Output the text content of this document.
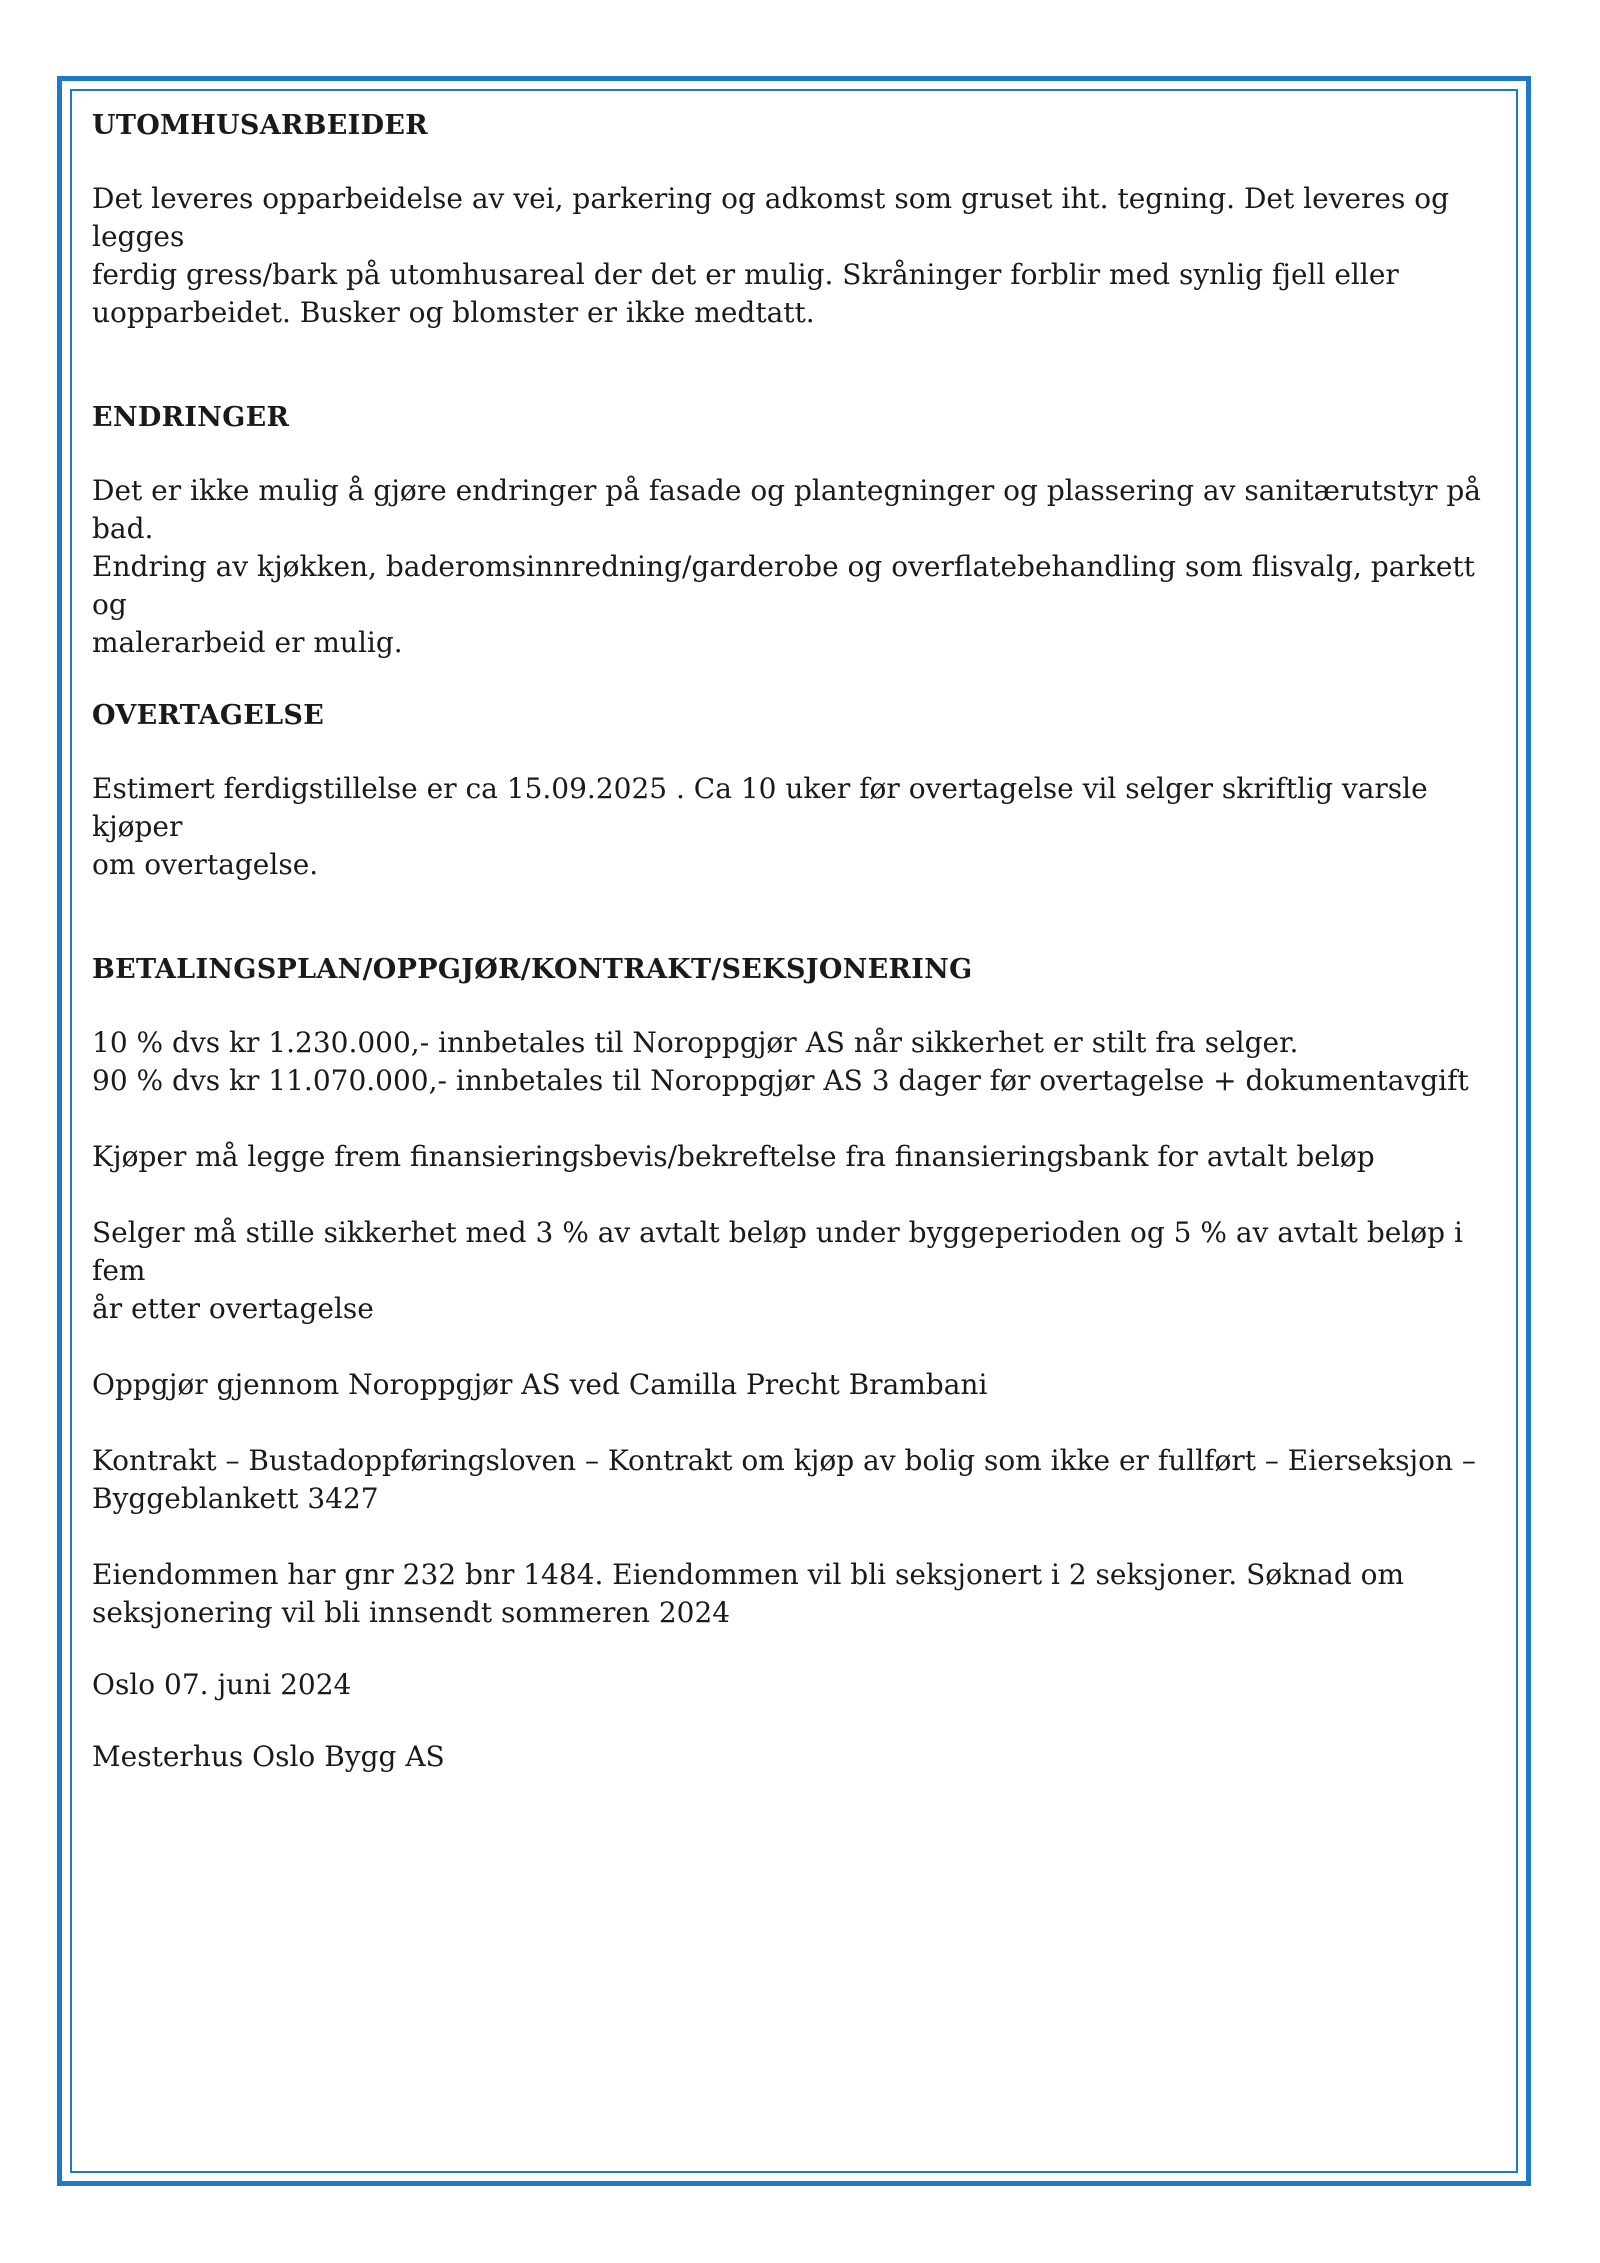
UTOMHUSARBEIDER

Det leveres opparbeidelse av vei, parkering og adkomst som gruset iht. tegning. Det leveres og legges
ferdig gress/bark på utomhusareal der det er mulig. Skråninger forblir med synlig fjell eller
uopparbeidet. Busker og blomster er ikke medtatt.

ENDRINGER

Det er ikke mulig å gjøre endringer på fasade og plantegninger og plassering av sanitærutstyr på bad.
Endring av kjøkken, baderomsinnredning/garderobe og overflatebehandling som flisvalg, parkett og
malerarbeid er mulig.

OVERTAGELSE

Estimert ferdigstillelse er ca 15.09.2025 . Ca 10 uker før overtagelse vil selger skriftlig varsle kjøper
om overtagelse.

BETALINGSPLAN/OPPGJØR/KONTRAKT/SEKSJONERING

10 % dvs kr 1.230.000,- innbetales til Noroppgjør AS når sikkerhet er stilt fra selger.
90 % dvs kr 11.070.000,- innbetales til Noroppgjør AS 3 dager før overtagelse + dokumentavgift

Kjøper må legge frem finansieringsbevis/bekreftelse fra finansieringsbank for avtalt beløp

Selger må stille sikkerhet med 3 % av avtalt beløp under byggeperioden og 5 % av avtalt beløp i fem
år etter overtagelse

Oppgjør gjennom Noroppgjør AS ved Camilla Precht Brambani

Kontrakt – Bustadoppføringsloven – Kontrakt om kjøp av bolig som ikke er fullført – Eierseksjon –
Byggeblankett 3427

Eiendommen har gnr 232 bnr 1484. Eiendommen vil bli seksjonert i 2 seksjoner. Søknad om
seksjonering vil bli innsendt sommeren 2024

Oslo 07. juni 2024

Mesterhus Oslo Bygg AS
